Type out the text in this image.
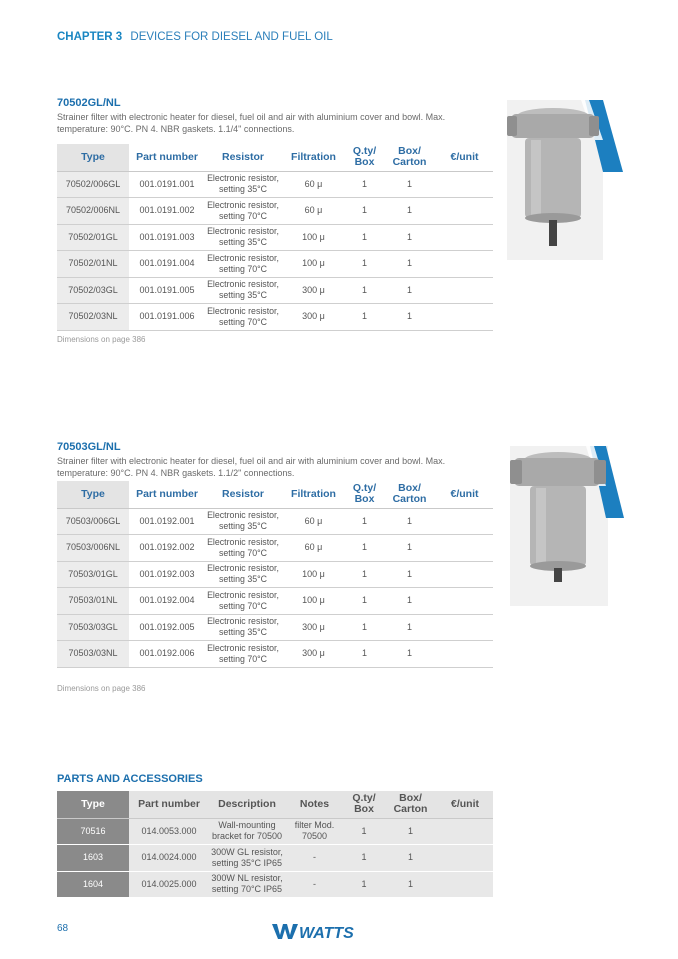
CHAPTER 3 DEVICES FOR DIESEL AND FUEL OIL
70502GL/NL
Strainer filter with electronic heater for diesel, fuel oil and air with aluminium cover and bowl. Max. temperature: 90°C. PN 4. NBR gaskets. 1.1/4" connections.
Type	Part number	Resistor	Filtration	Q.ty/ Box	Box/ Carton	€/unit
70502/006GL	001.0191.001	Electronic resistor, setting 35°C	60 μ	1	1	
70502/006NL	001.0191.002	Electronic resistor, setting 70°C	60 μ	1	1	
70502/01GL	001.0191.003	Electronic resistor, setting 35°C	100 μ	1	1	
70502/01NL	001.0191.004	Electronic resistor, setting 70°C	100 μ	1	1	
70502/03GL	001.0191.005	Electronic resistor, setting 35°C	300 μ	1	1	
70502/03NL	001.0191.006	Electronic resistor, setting 70°C	300 μ	1	1	
Dimensions on page 386
70503GL/NL
Strainer filter with electronic heater for diesel, fuel oil and air with aluminium cover and bowl. Max. temperature: 90°C. PN 4. NBR gaskets. 1.1/2" connections.
Type	Part number	Resistor	Filtration	Q.ty/ Box	Box/ Carton	€/unit
70503/006GL	001.0192.001	Electronic resistor, setting 35°C	60 μ	1	1	
70503/006NL	001.0192.002	Electronic resistor, setting 70°C	60 μ	1	1	
70503/01GL	001.0192.003	Electronic resistor, setting 35°C	100 μ	1	1	
70503/01NL	001.0192.004	Electronic resistor, setting 70°C	100 μ	1	1	
70503/03GL	001.0192.005	Electronic resistor, setting 35°C	300 μ	1	1	
70503/03NL	001.0192.006	Electronic resistor, setting 70°C	300 μ	1	1	
Dimensions on page 386
PARTS AND ACCESSORIES
Type	Part number	Description	Notes	Q.ty/ Box	Box/ Carton	€/unit
70516	014.0053.000	Wall-mounting bracket for 70500	filter Mod. 70500	1	1	
1603	014.0024.000	300W GL resistor, setting 35°C IP65	-	1	1	
1604	014.0025.000	300W NL resistor, setting 70°C IP65	-	1	1	
68	WATTS
